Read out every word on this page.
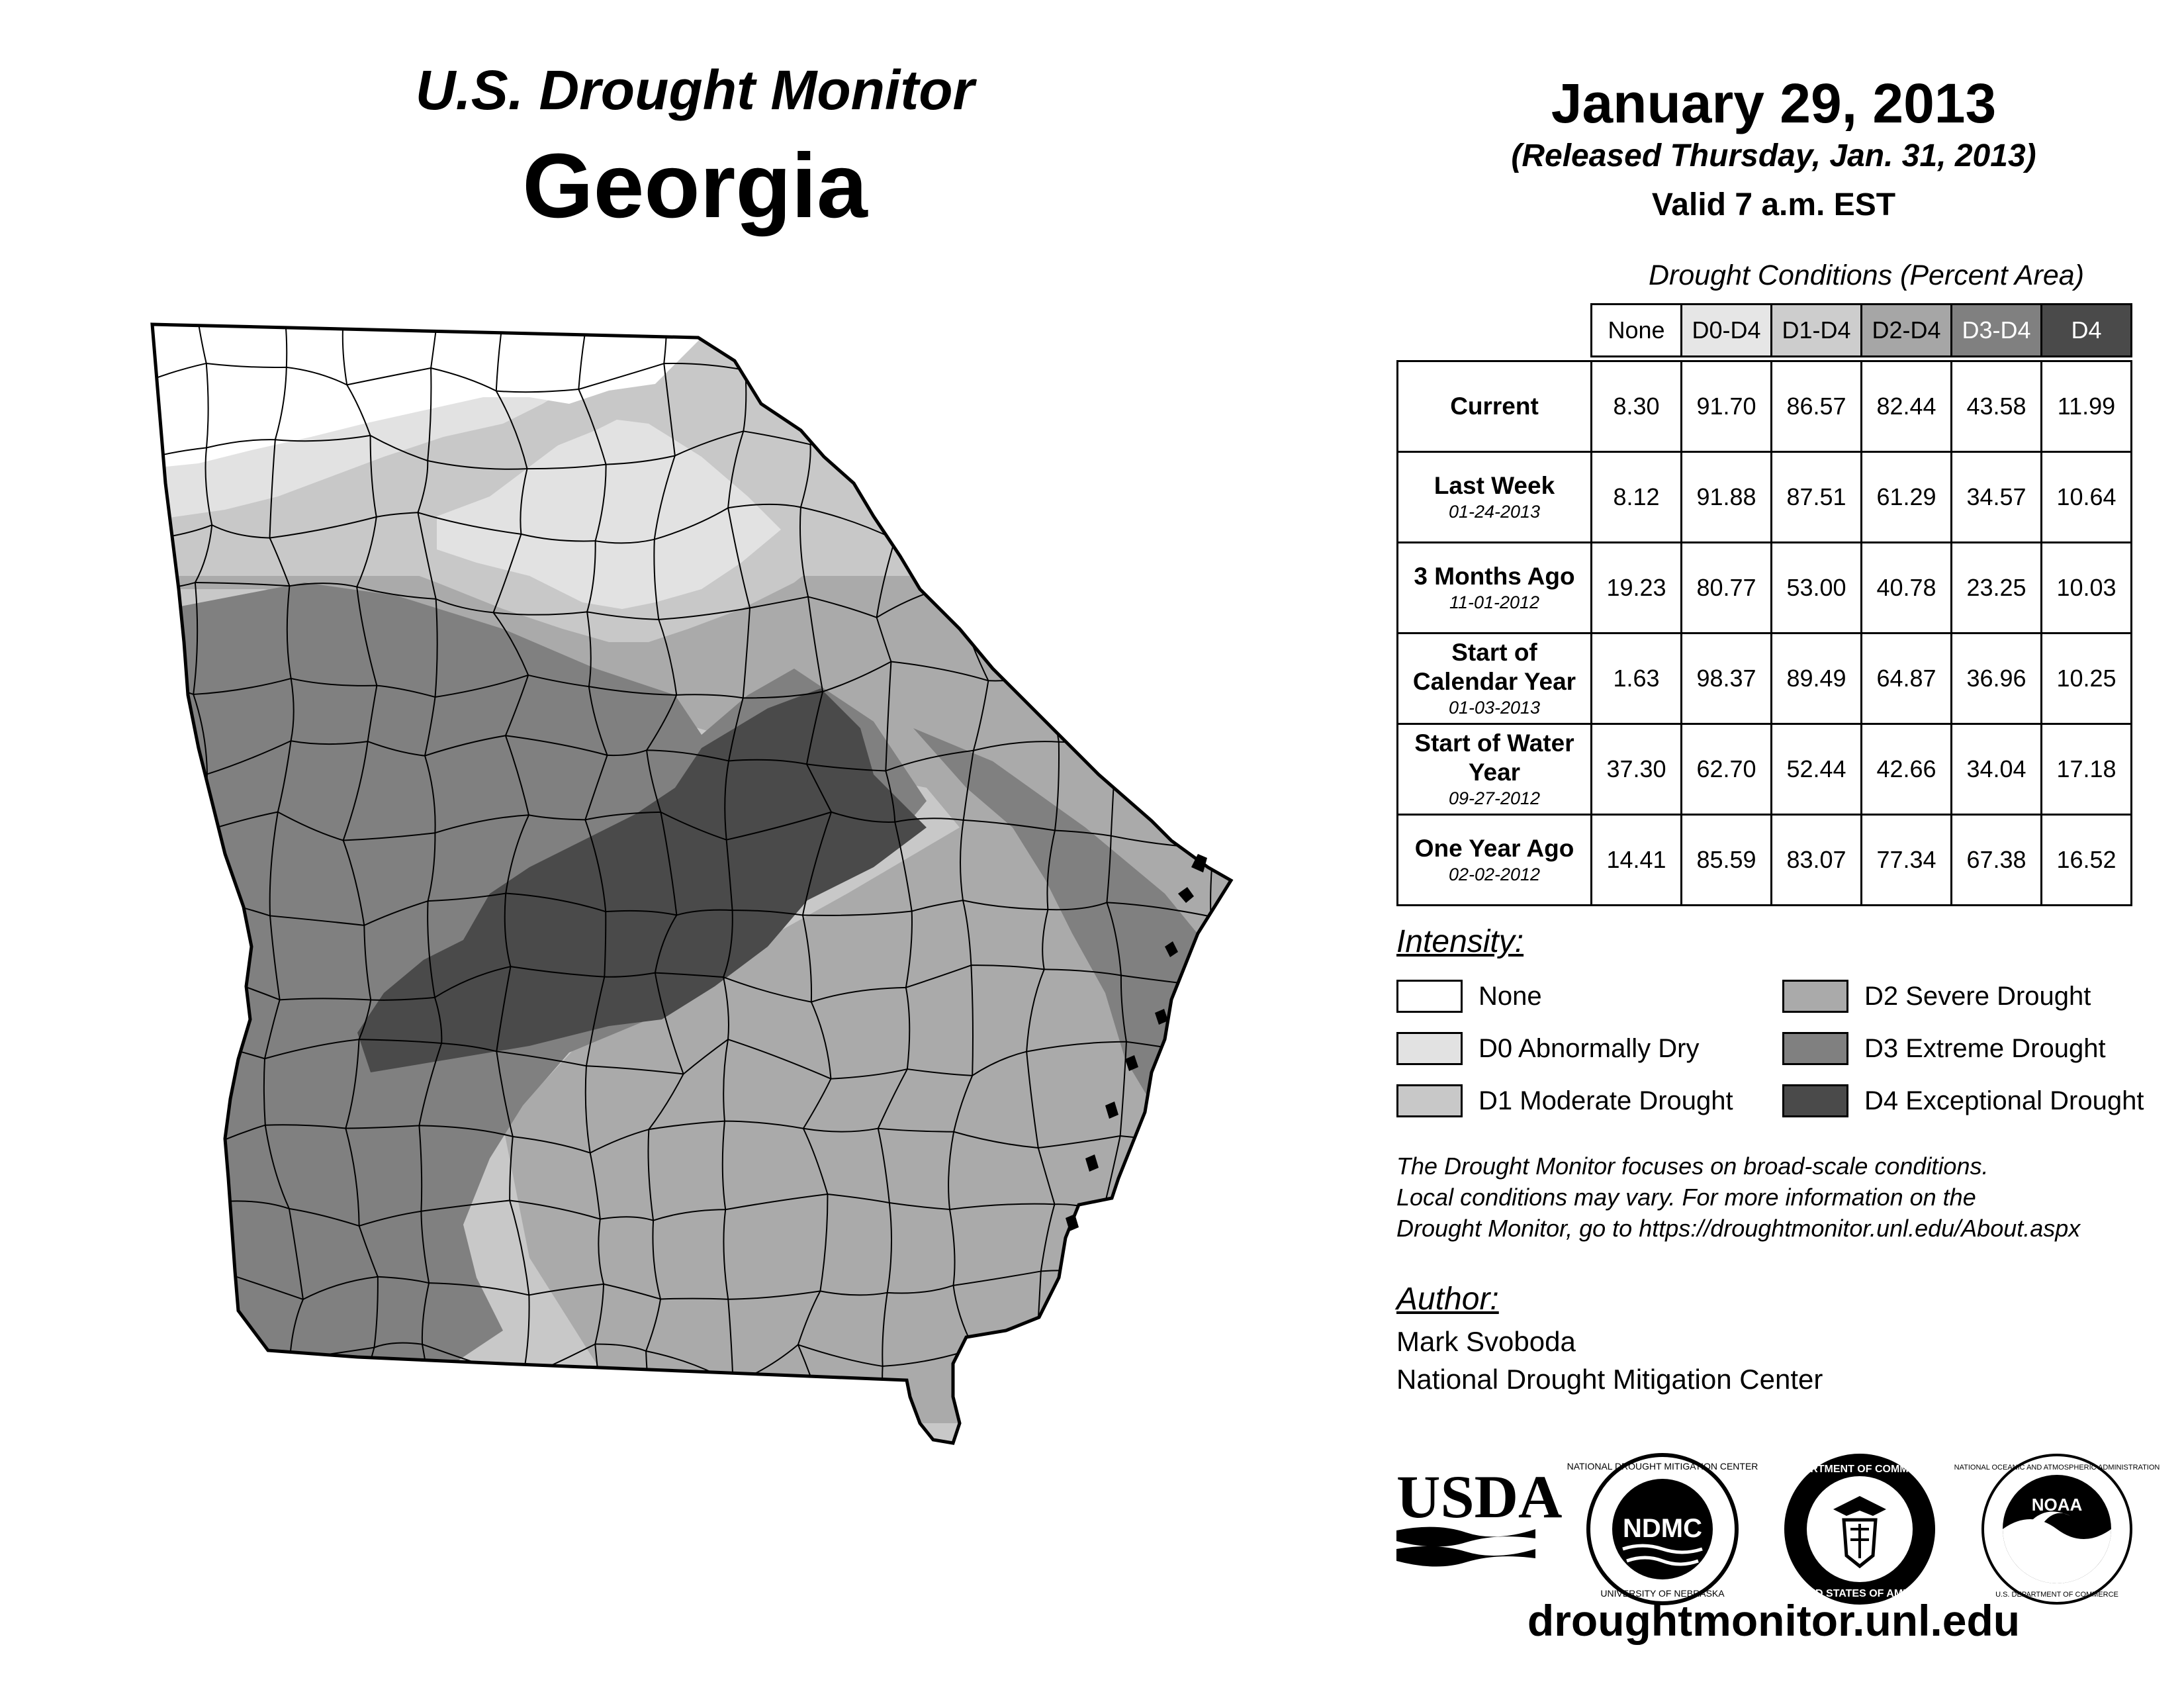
U.S. Drought Monitor
Georgia
January 29, 2013
(Released Thursday, Jan. 31, 2013)
Valid 7 a.m. EST
Drought Conditions (Percent Area)
	None	D0-D4	D1-D4	D2-D4	D3-D4	D4

Current	8.30	91.70	86.57	82.44	43.58	11.99
Last Week
01-24-2013	8.12	91.88	87.51	61.29	34.57	10.64
3 Months Ago
11-01-2012	19.23	80.77	53.00	40.78	23.25	10.03
Start of Calendar Year
01-03-2013	1.63	98.37	89.49	64.87	36.96	10.25
Start of Water Year
09-27-2012	37.30	62.70	52.44	42.66	34.04	17.18
One Year Ago
02-02-2012	14.41	85.59	83.07	77.34	67.38	16.52
Intensity:
None
D0 Abnormally Dry
D1 Moderate Drought
D2 Severe Drought
D3 Extreme Drought
D4 Exceptional Drought
The Drought Monitor focuses on broad-scale conditions.
Local conditions may vary. For more information on the
Drought Monitor, go to https://droughtmonitor.unl.edu/About.aspx
Author:
Mark Svoboda
National Drought Mitigation Center
USDA NATIONAL DROUGHT MITIGATION CENTER
UNIVERSITY OF NEBRASKA
NDMC
DEPARTMENT OF COMMERCE
UNITED STATES OF AMERICA
NOAA
NATIONAL OCEANIC AND ATMOSPHERIC ADMINISTRATION
U.S. DEPARTMENT OF COMMERCE
droughtmonitor.unl.edu
